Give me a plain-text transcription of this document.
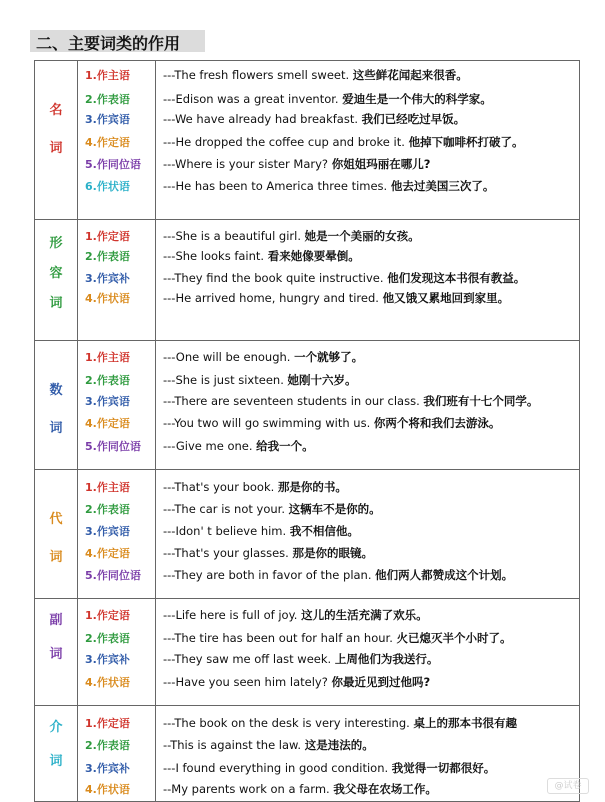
二、主要词类的作用
名
词
1.作主语	---The fresh flowers smell sweet. 这些鲜花闻起来很香。
2.作表语	---Edison was a great inventor. 爱迪生是一个伟大的科学家。
3.作宾语	---We have already had breakfast. 我们已经吃过早饭。
4.作定语	---He dropped the coffee cup and broke it. 他掉下咖啡杯打破了。
5.作同位语 ---Where is your sister Mary? 你姐姐玛丽在哪儿?
6.作状语	---He has been to America three times. 他去过美国三次了。
形
容
词
1.作定语	---She is a beautiful girl. 她是一个美丽的女孩。
2.作表语	---She looks faint. 看来她像要晕倒。
3.作宾补	---They find the book quite instructive. 他们发现这本书很有教益。
4.作状语	---He arrived home, hungry and tired. 他又饿又累地回到家里。
数
词
1.作主语	---One will be enough. 一个就够了。
2.作表语	---She is just sixteen. 她刚十六岁。
3.作宾语	---There are seventeen students in our class. 我们班有十七个同学。
4.作定语	---You two will go swimming with us. 你两个将和我们去游泳。
5.作同位语 ---Give me one. 给我一个。
代
词
1.作主语	---That's your book. 那是你的书。
2.作表语	---The car is not your. 这辆车不是你的。
3.作宾语	---Idon' t believe him. 我不相信他。
4.作定语	---That's your glasses. 那是你的眼镜。
5.作同位语 ---They are both in favor of the plan. 他们两人都赞成这个计划。
副
词
1.作定语	---Life here is full of joy. 这儿的生活充满了欢乐。
2.作表语	---The tire has been out for half an hour. 火已熄灭半个小时了。
3.作宾补	---They saw me off last week. 上周他们为我送行。
4.作状语	---Have you seen him lately? 你最近见到过他吗?
介
词
1.作定语	---The book on the desk is very interesting. 桌上的那本书很有趣
2.作表语	--This is against the law. 这是违法的。
3.作宾补	---I found everything in good condition. 我觉得一切都很好。
4.作状语	--My parents work on a farm. 我父母在农场工作。	@试卷
